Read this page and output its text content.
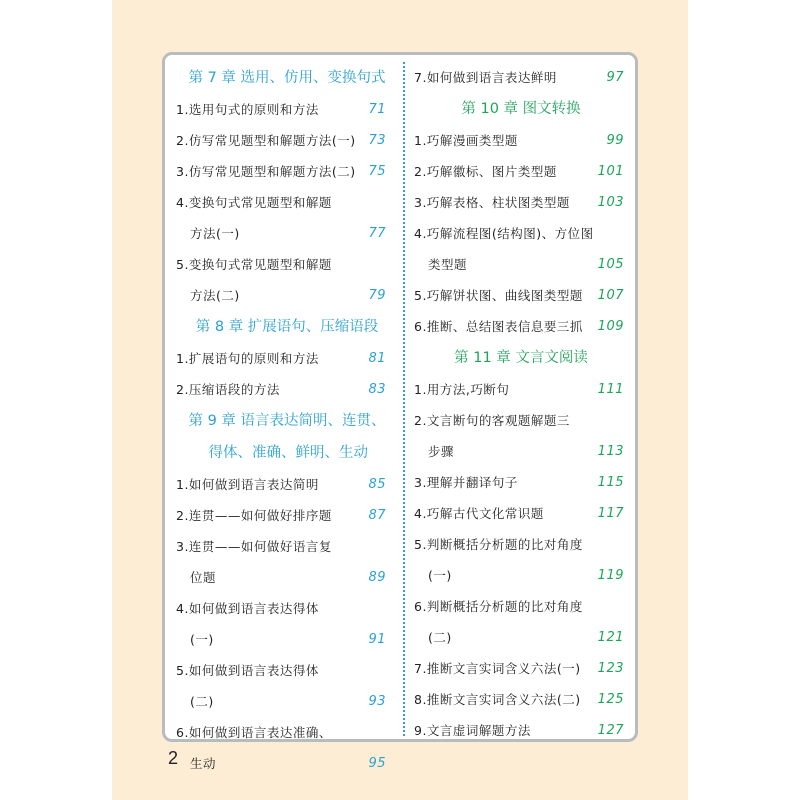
第 7 章 选用、仿用、变换句式
1.选用句式的原则和方法	71
2.仿写常见题型和解题方法(一) 73
3.仿写常见题型和解题方法(二) 75
4.变换句式常见题型和解题
方法(一)	77
5.变换句式常见题型和解题
方法(二)	79
第 8 章 扩展语句、压缩语段
1.扩展语句的原则和方法	81
2.压缩语段的方法	83
第 9 章 语言表达简明、连贯、
得体、准确、鲜明、生动
1.如何做到语言表达简明	85
2.连贯——如何做好排序题	87
3.连贯——如何做好语言复
位题	89
4.如何做到语言表达得体
(一)	91
5.如何做到语言表达得体
(二)	93
6.如何做到语言表达准确、
生动	95
7.如何做到语言表达鲜明	97
第 10 章 图文转换
1.巧解漫画类型题	99
2.巧解徽标、图片类型题	101
3.巧解表格、柱状图类型题 103
4.巧解流程图(结构图)、方位图
类型题	105
5.巧解饼状图、曲线图类型题 107
6.推断、总结图表信息要三抓 109
第 11 章 文言文阅读
1.用方法,巧断句	111
2.文言断句的客观题解题三
步骤	113
3.理解并翻译句子	115
4.巧解古代文化常识题	117
5.判断概括分析题的比对角度
(一)	119
6.判断概括分析题的比对角度
(二)	121
7.推断文言实词含义六法(一) 123
8.推断文言实词含义六法(二) 125
9.文言虚词解题方法	127
2
